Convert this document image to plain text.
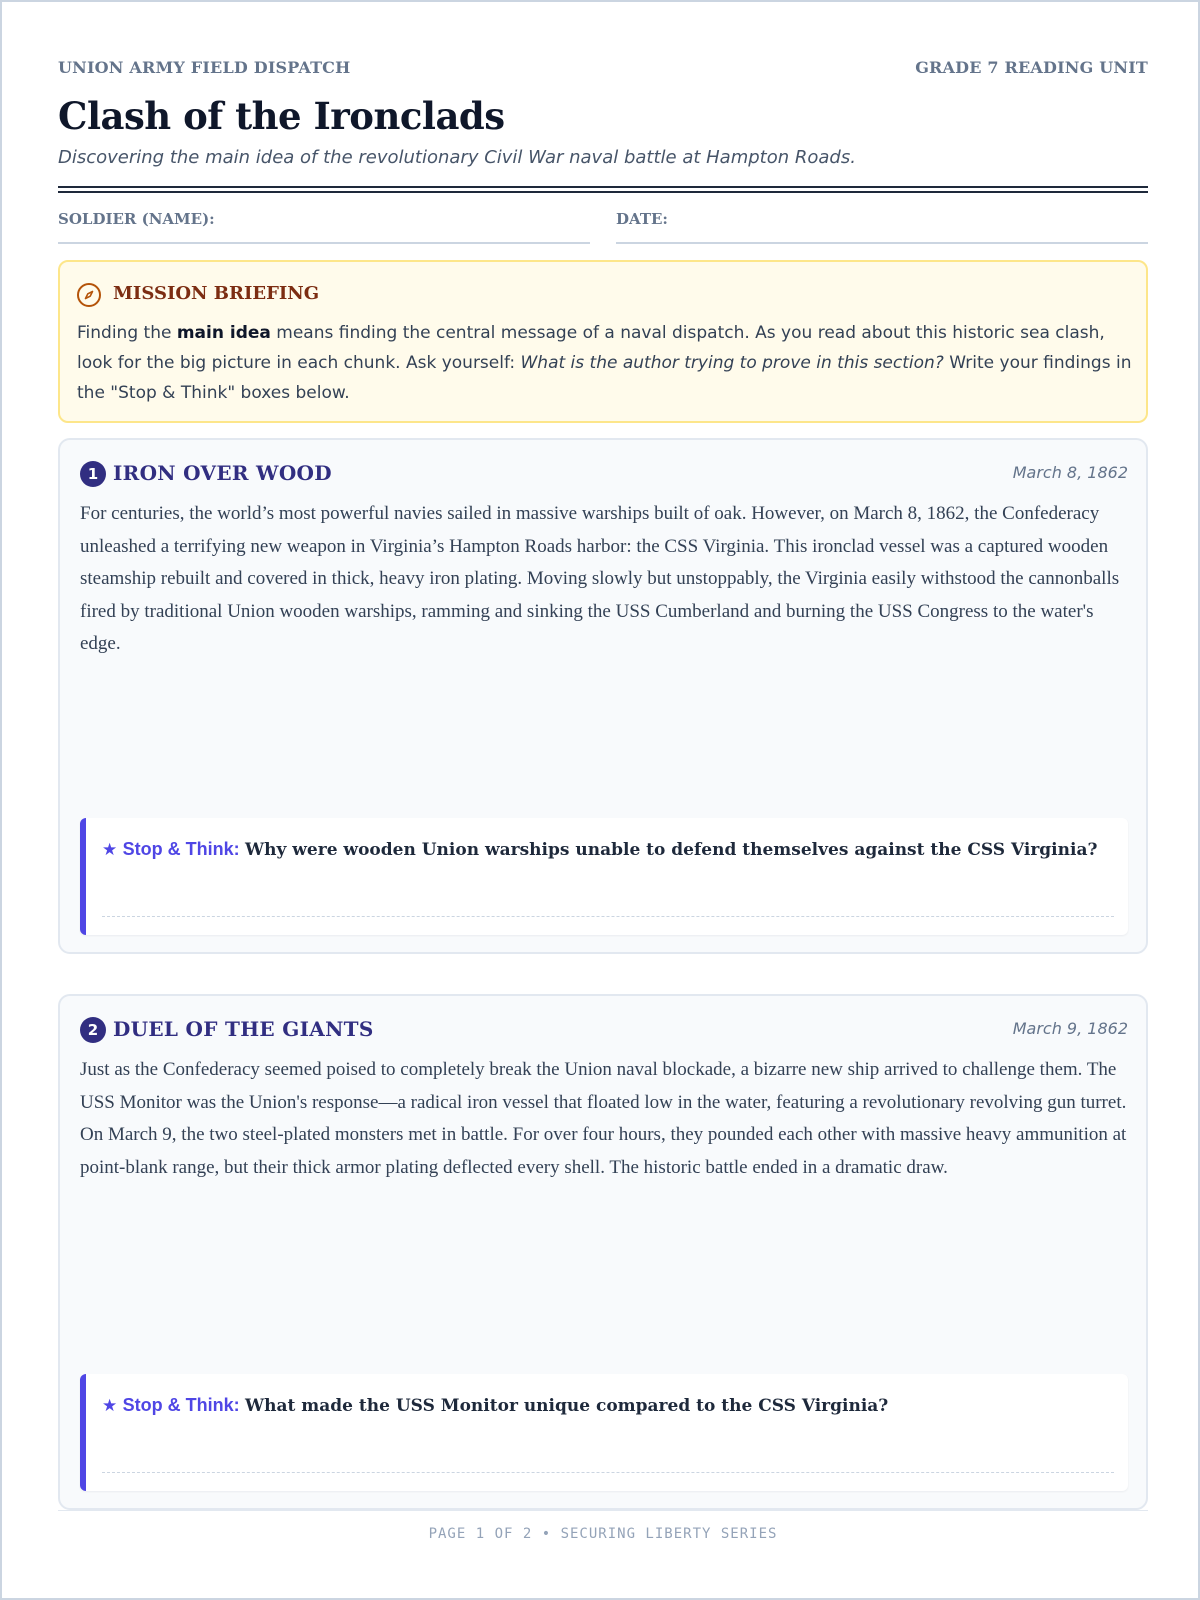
UNION ARMY FIELD DISPATCH	GRADE 7 READING UNIT
Clash of the Ironclads
Discovering the main idea of the revolutionary Civil War naval battle at Hampton Roads.
SOLDIER (NAME):	DATE:
MISSION BRIEFING

Finding the main idea means finding the central message of a naval dispatch. As you read about this historic sea clash, look for the big picture in each chunk. Ask yourself: What is the author trying to prove in this section? Write your findings in the "Stop & Think" boxes below.

1 IRON OVER WOOD	March 8, 1862

For centuries, the world’s most powerful navies sailed in massive warships built of oak. However, on March 8, 1862, the Confederacy unleashed a terrifying new weapon in Virginia’s Hampton Roads harbor: the CSS Virginia. This ironclad vessel was a captured wooden steamship rebuilt and covered in thick, heavy iron plating. Moving slowly but unstoppably, the Virginia easily withstood the cannonballs fired by traditional Union wooden warships, ramming and sinking the USS Cumberland and burning the USS Congress to the water's edge.

★ Stop & Think: Why were wooden Union warships unable to defend themselves against the CSS Virginia?
2 DUEL OF THE GIANTS	March 9, 1862

Just as the Confederacy seemed poised to completely break the Union naval blockade, a bizarre new ship arrived to challenge them. The USS Monitor was the Union's response—a radical iron vessel that floated low in the water, featuring a revolutionary revolving gun turret. On March 9, the two steel-plated monsters met in battle. For over four hours, they pounded each other with massive heavy ammunition at point-blank range, but their thick armor plating deflected every shell. The historic battle ended in a dramatic draw.

★ Stop & Think: What made the USS Monitor unique compared to the CSS Virginia?
PAGE 1 OF 2 • SECURING LIBERTY SERIES
